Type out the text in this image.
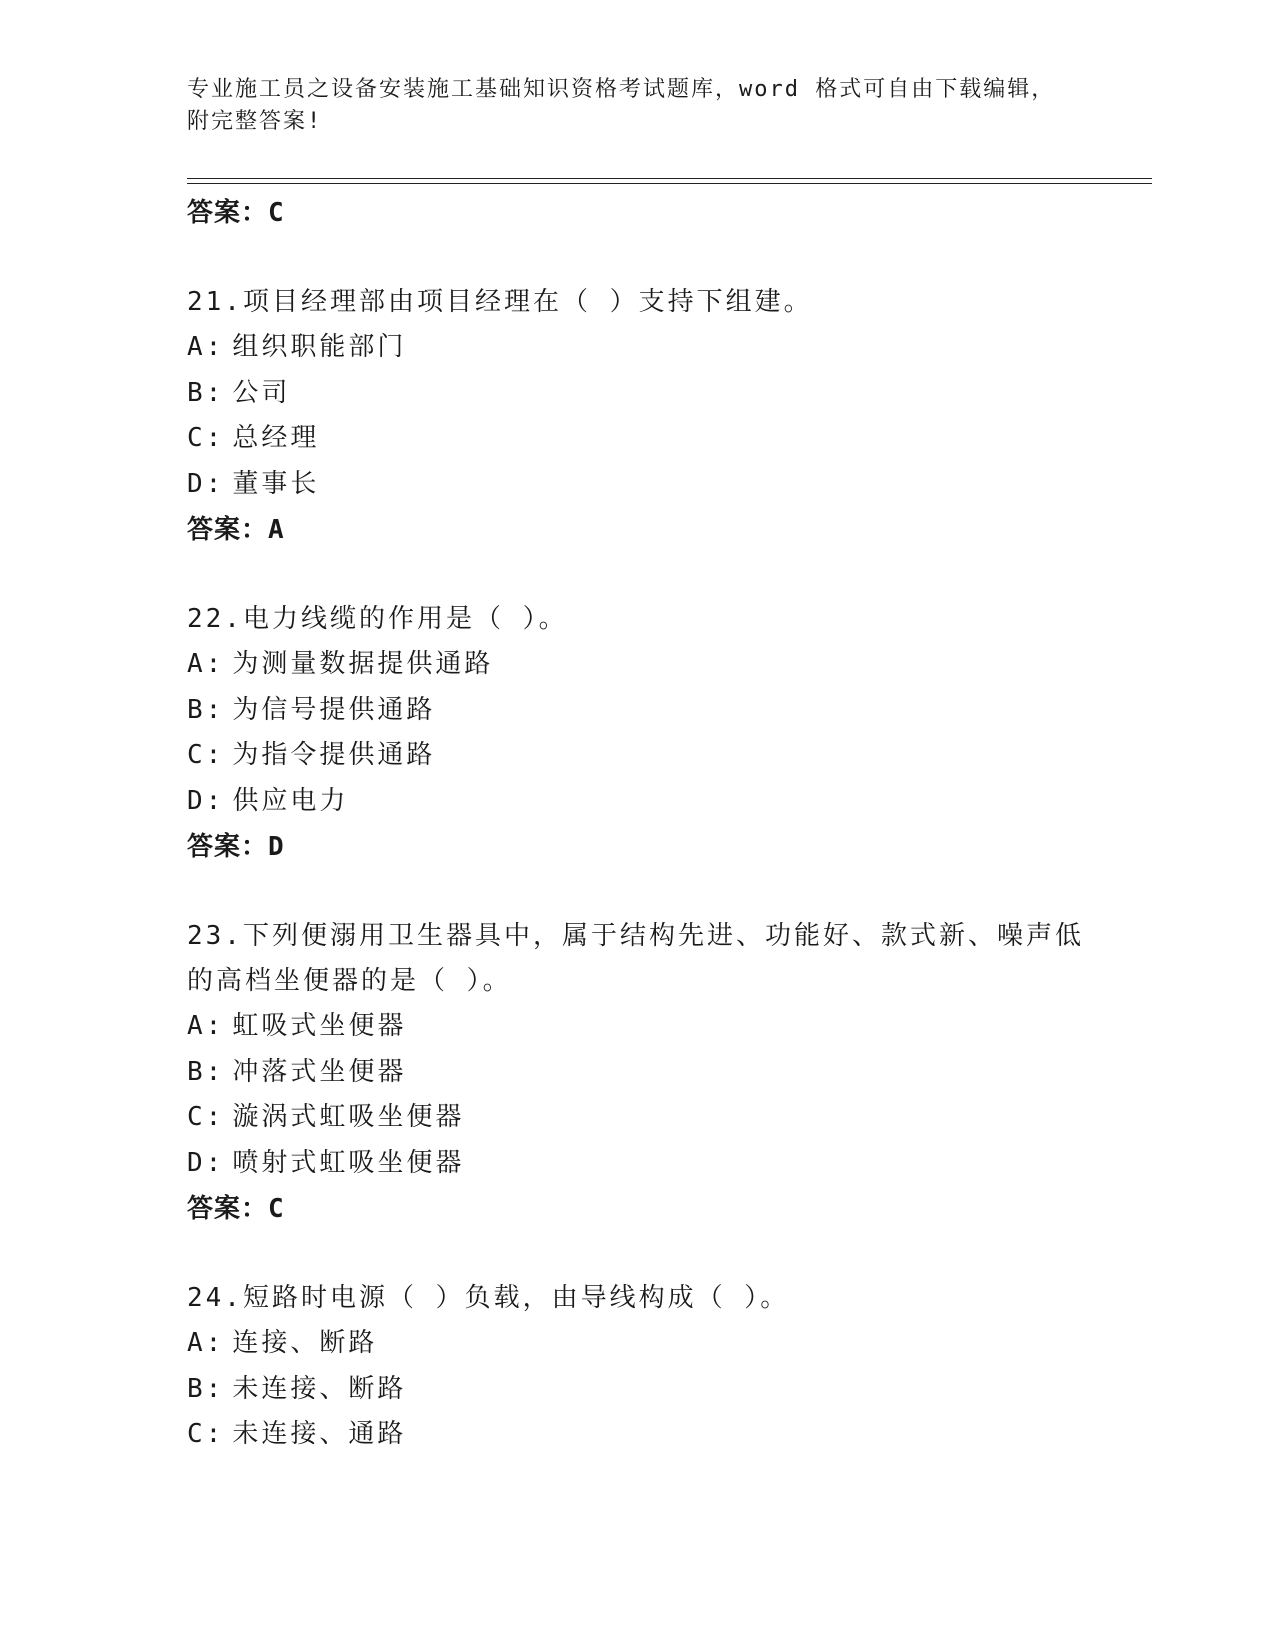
专业施工员之设备安装施工基础知识资格考试题库，word 格式可自由下载编辑，
附完整答案!
答案：C
21.项目经理部由项目经理在（ ）支持下组建。
A: 组织职能部门
B: 公司
C: 总经理
D: 董事长
答案：A
22.电力线缆的作用是（ ）。
A: 为测量数据提供通路
B: 为信号提供通路
C: 为指令提供通路
D: 供应电力
答案：D
23.下列便溺用卫生器具中，属于结构先进、功能好、款式新、噪声低
的高档坐便器的是（ ）。
A: 虹吸式坐便器
B: 冲落式坐便器
C: 漩涡式虹吸坐便器
D: 喷射式虹吸坐便器
答案：C
24.短路时电源（ ）负载，由导线构成（ ）。
A: 连接、断路
B: 未连接、断路
C: 未连接、通路
